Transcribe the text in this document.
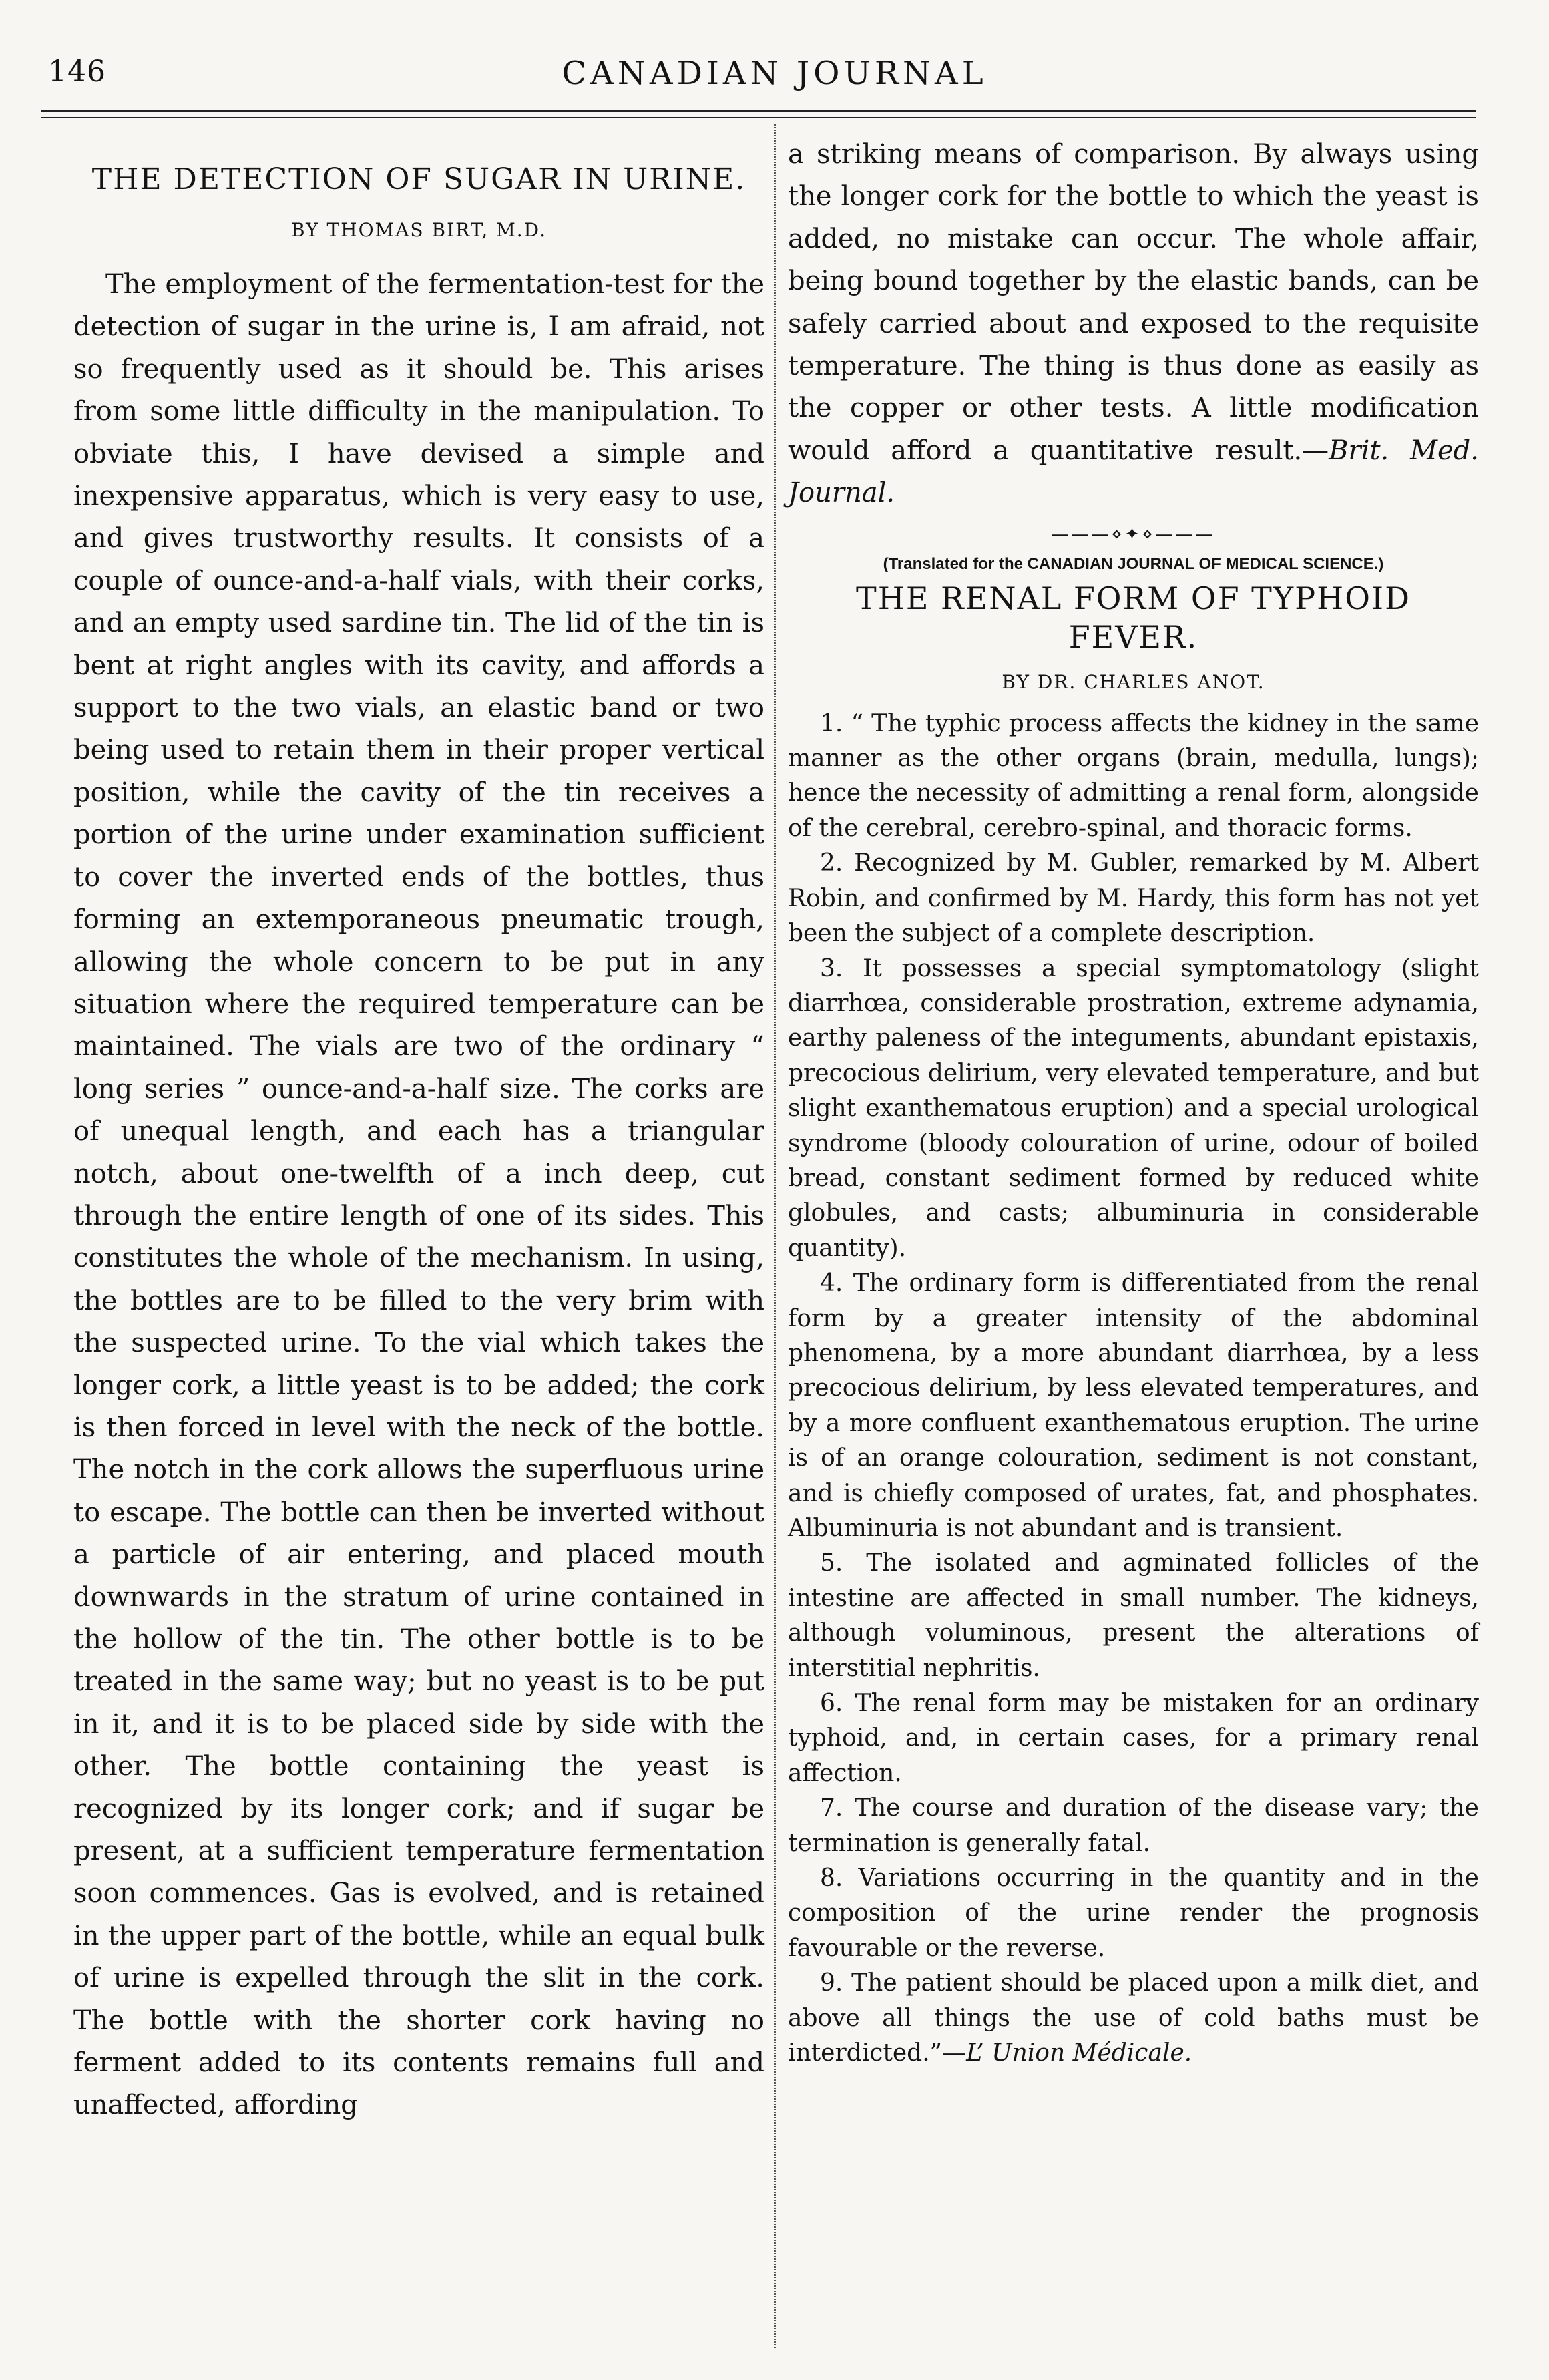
146	CANADIAN JOURNAL
THE DETECTION OF SUGAR IN URINE.
BY THOMAS BIRT, M.D.

The employment of the fermentation-test for the detection of sugar in the urine is, I am afraid, not so frequently used as it should be. This arises from some little difficulty in the manipulation. To obviate this, I have devised a simple and inexpensive apparatus, which is very easy to use, and gives trustworthy results. It consists of a couple of ounce-and-a-half vials, with their corks, and an empty used sardine tin. The lid of the tin is bent at right angles with its cavity, and affords a support to the two vials, an elastic band or two being used to retain them in their proper vertical position, while the cavity of the tin receives a portion of the urine under examination sufficient to cover the inverted ends of the bottles, thus forming an extemporaneous pneumatic trough, allowing the whole concern to be put in any situation where the required temperature can be maintained. The vials are two of the ordinary “ long series ” ounce-and-a-half size. The corks are of unequal length, and each has a triangular notch, about one-twelfth of a inch deep, cut through the entire length of one of its sides. This constitutes the whole of the mechanism. In using, the bottles are to be filled to the very brim with the suspected urine. To the vial which takes the longer cork, a little yeast is to be added; the cork is then forced in level with the neck of the bottle. The notch in the cork allows the superfluous urine to escape. The bottle can then be inverted without a particle of air entering, and placed mouth downwards in the stratum of urine contained in the hollow of the tin. The other bottle is to be treated in the same way; but no yeast is to be put in it, and it is to be placed side by side with the other. The bottle containing the yeast is recognized by its longer cork; and if sugar be present, at a sufficient temperature fermentation soon commences. Gas is evolved, and is retained in the upper part of the bottle, while an equal bulk of urine is expelled through the slit in the cork. The bottle with the shorter cork having no ferment added to its contents remains full and unaffected, affording

a striking means of comparison. By always using the longer cork for the bottle to which the yeast is added, no mistake can occur. The whole affair, being bound together by the elastic bands, can be safely carried about and exposed to the requisite temperature. The thing is thus done as easily as the copper or other tests. A little modification would afford a quantitative result.—Brit. Med. Journal.

———⋄✦⋄———
(Translated for the CANADIAN JOURNAL OF MEDICAL SCIENCE.)
THE RENAL FORM OF TYPHOID FEVER.
BY DR. CHARLES ANOT.

1. “ The typhic process affects the kidney in the same manner as the other organs (brain, medulla, lungs); hence the necessity of admitting a renal form, alongside of the cerebral, cerebro-spinal, and thoracic forms.

2. Recognized by M. Gubler, remarked by M. Albert Robin, and confirmed by M. Hardy, this form has not yet been the subject of a complete description.

3. It possesses a special symptomatology (slight diarrhœa, considerable prostration, extreme adynamia, earthy paleness of the integuments, abundant epistaxis, precocious delirium, very elevated temperature, and but slight exanthematous eruption) and a special urological syndrome (bloody colouration of urine, odour of boiled bread, constant sediment formed by reduced white globules, and casts; albuminuria in considerable quantity).

4. The ordinary form is differentiated from the renal form by a greater intensity of the abdominal phenomena, by a more abundant diarrhœa, by a less precocious delirium, by less elevated temperatures, and by a more confluent exanthematous eruption. The urine is of an orange colouration, sediment is not constant, and is chiefly composed of urates, fat, and phosphates. Albuminuria is not abundant and is transient.

5. The isolated and agminated follicles of the intestine are affected in small number. The kidneys, although voluminous, present the alterations of interstitial nephritis.

6. The renal form may be mistaken for an ordinary typhoid, and, in certain cases, for a primary renal affection.

7. The course and duration of the disease vary; the termination is generally fatal.

8. Variations occurring in the quantity and in the composition of the urine render the prognosis favourable or the reverse.

9. The patient should be placed upon a milk diet, and above all things the use of cold baths must be interdicted.”—L’ Union Médicale.
